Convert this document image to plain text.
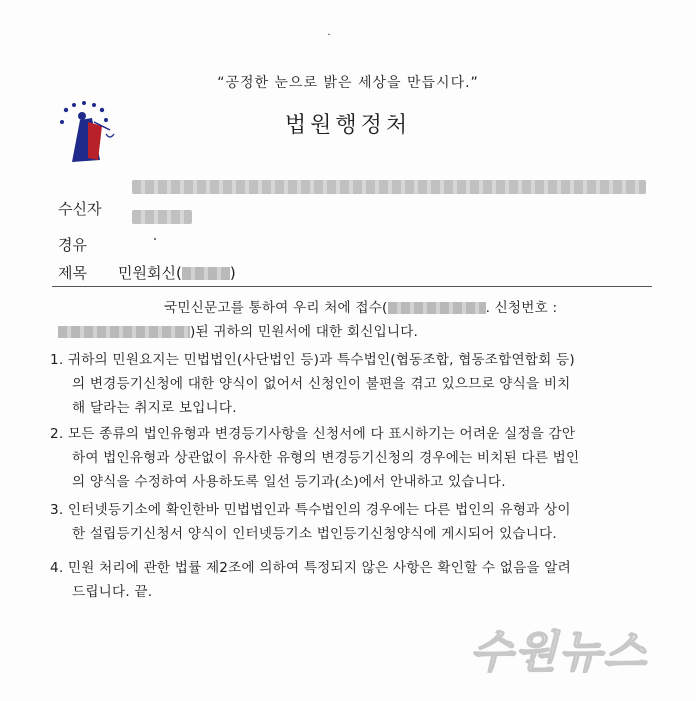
˙
“공정한 눈으로 밝은 세상을 만듭시다.”
법원행정처
수신자
경유
제목 민원회신(	)
국민신문고를 통하여 우리 처에 접수(	. 신청번호 :
)된 귀하의 민원서에 대한 회신입니다.
1. 귀하의 민원요지는 민법법인(사단법인 등)과 특수법인(협동조합, 협동조합연합회 등)
의 변경등기신청에 대한 양식이 없어서 신청인이 불편을 겪고 있으므로 양식을 비치
해 달라는 취지로 보입니다.
2. 모든 종류의 법인유형과 변경등기사항을 신청서에 다 표시하기는 어려운 실정을 감안
하여 법인유형과 상관없이 유사한 유형의 변경등기신청의 경우에는 비치된 다른 법인
의 양식을 수정하여 사용하도록 일선 등기과(소)에서 안내하고 있습니다.
3. 인터넷등기소에 확인한바 민법법인과 특수법인의 경우에는 다른 법인의 유형과 상이
한 설립등기신청서 양식이 인터넷등기소 법인등기신청양식에 게시되어 있습니다.
4. 민원 처리에 관한 법률 제2조에 의하여 특정되지 않은 사항은 확인할 수 없음을 알려
드립니다. 끝.
수원뉴스
